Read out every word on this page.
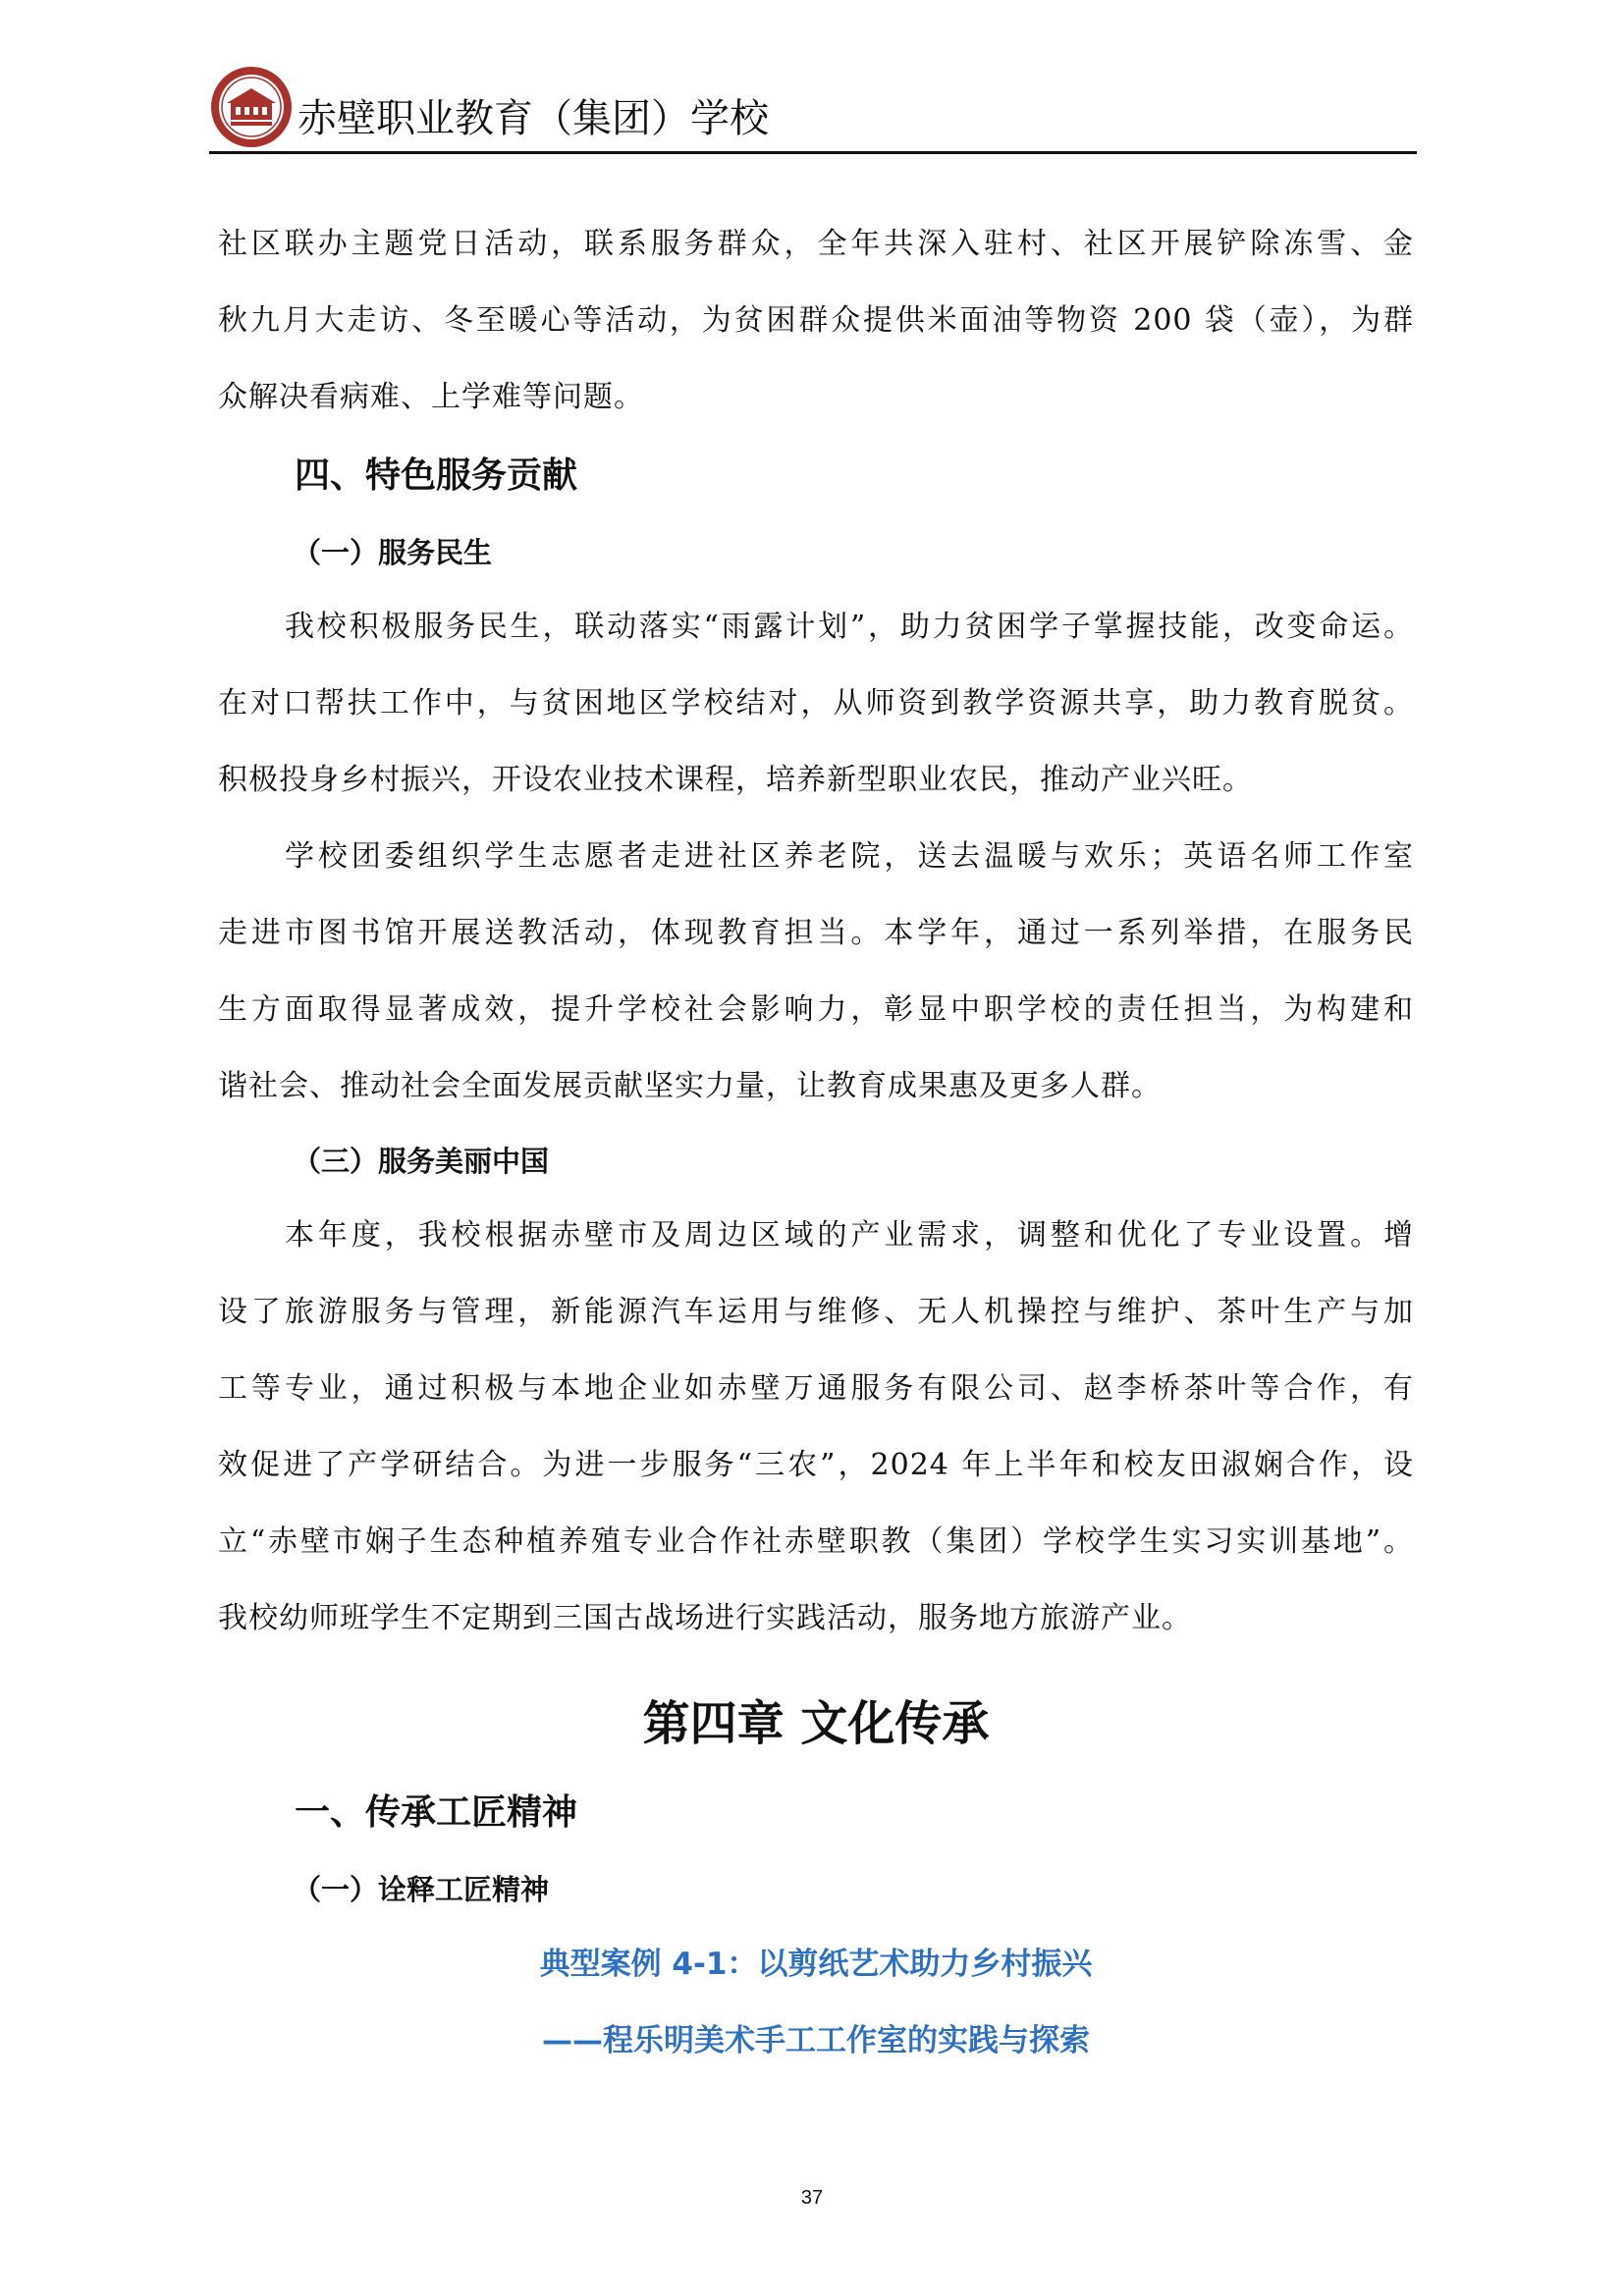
赤壁职业教育（集团）学校

社区联办主题党日活动，联系服务群众，全年共深入驻村、社区开展铲除冻雪、金

秋九月大走访、冬至暖心等活动，为贫困群众提供米面油等物资 200 袋（壶），为群

众解决看病难、上学难等问题。

四、特色服务贡献
（一）服务民生

我校积极服务民生，联动落实“雨露计划”，助力贫困学子掌握技能，改变命运。

在对口帮扶工作中，与贫困地区学校结对，从师资到教学资源共享，助力教育脱贫。

积极投身乡村振兴，开设农业技术课程，培养新型职业农民，推动产业兴旺。

学校团委组织学生志愿者走进社区养老院，送去温暖与欢乐；英语名师工作室

走进市图书馆开展送教活动，体现教育担当。本学年，通过一系列举措，在服务民

生方面取得显著成效，提升学校社会影响力，彰显中职学校的责任担当，为构建和

谐社会、推动社会全面发展贡献坚实力量，让教育成果惠及更多人群。

（三）服务美丽中国

本年度，我校根据赤壁市及周边区域的产业需求，调整和优化了专业设置。增

设了旅游服务与管理，新能源汽车运用与维修、无人机操控与维护、茶叶生产与加

工等专业，通过积极与本地企业如赤壁万通服务有限公司、赵李桥茶叶等合作，有

效促进了产学研结合。为进一步服务“三农”，2024 年上半年和校友田淑娴合作，设

立“赤壁市娴子生态种植养殖专业合作社赤壁职教（集团）学校学生实习实训基地”。

我校幼师班学生不定期到三国古战场进行实践活动，服务地方旅游产业。

第四章 文化传承
一、传承工匠精神
（一）诠释工匠精神

典型案例 4-1：以剪纸艺术助力乡村振兴

——程乐明美术手工工作室的实践与探索

37
